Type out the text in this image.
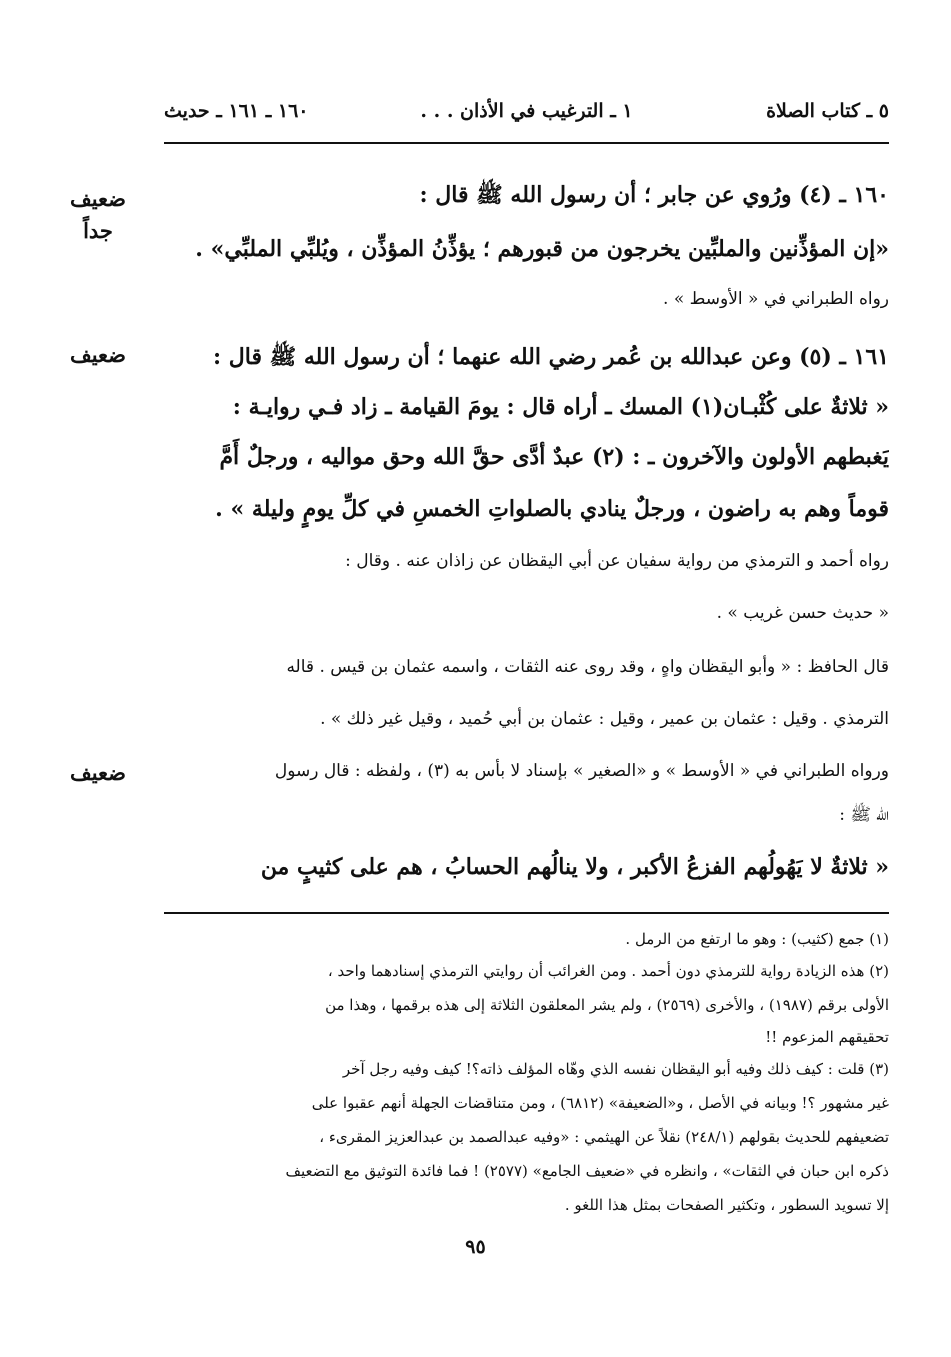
٥ ـ كتاب الصلاة
١ ـ الترغيب في الأذان . . .
١٦٠ ـ ١٦١ ـ حديث
ضعيف
جداً
ضعيف
ضعيف
١٦٠ ـ (٤) ورُوي عن جابر ؛ أن رسول الله ﷺ قال :
«إن المؤذِّنين والملبِّين يخرجون من قبورهم ؛ يؤذِّنُ المؤذِّن ، ويُلبِّي الملبِّي» .
رواه الطبراني في « الأوسط » .
١٦١ ـ (٥) وعن عبدالله بن عُمر رضي الله عنهما ؛ أن رسول الله ﷺ قال :
« ثلاثةٌ على كُثْبـان(١) المسك ـ أراه قال : يومَ القيامة ـ زاد فـي روايـة :
يَغبطهم الأولون والآخرون ـ : (٢) عبدٌ أدَّى حقَّ الله وحق مواليه ، ورجلٌ أَمَّ
قوماً وهم به راضون ، ورجلٌ ينادي بالصلواتِ الخمسِ في كلِّ يومٍ وليلة » .
رواه أحمد و الترمذي من رواية سفيان عن أبي اليقظان عن زاذان عنه . وقال :
« حديث حسن غريب » .
قال الحافظ : « وأبو اليقظان واهٍ ، وقد روى عنه الثقات ، واسمه عثمان بن قيس . قاله
الترمذي . وقيل : عثمان بن عمير ، وقيل : عثمان بن أبي حُميد ، وقيل غير ذلك » .
ورواه الطبراني في « الأوسط » و «الصغير » بإسناد لا بأس به (٣) ، ولفظه : قال رسول
الله ﷺ :
« ثلاثةٌ لا يَهُولُهم الفزعُ الأكبر ، ولا ينالُهم الحسابُ ، هم على كثيبٍ من
(١) جمع (كثيب) : وهو ما ارتفع من الرمل .
(٢) هذه الزيادة رواية للترمذي دون أحمد . ومن الغرائب أن روايتي الترمذي إسنادهما واحد ،
الأولى برقم (١٩٨٧) ، والأخرى (٢٥٦٩) ، ولم يشر المعلقون الثلاثة إلى هذه برقمها ، وهذا من
تحقيقهم المزعوم !!
(٣) قلت : كيف ذلك وفيه أبو اليقظان نفسه الذي وهّاه المؤلف ذاته؟! كيف وفيه رجل آخر
غير مشهور ؟! وبيانه في الأصل ، و«الضعيفة» (٦٨١٢) ، ومن متناقضات الجهلة أنهم عقبوا على
تضعيفهم للحديث بقولهم (٢٤٨/١) نقلاً عن الهيثمي : «وفيه عبدالصمد بن عبدالعزيز المقرىء ،
ذكره ابن حبان في الثقات» ، وانظره في «ضعيف الجامع» (٢٥٧٧) ! فما فائدة التوثيق مع التضعيف
إلا تسويد السطور ، وتكثير الصفحات بمثل هذا اللغو .
٩٥
